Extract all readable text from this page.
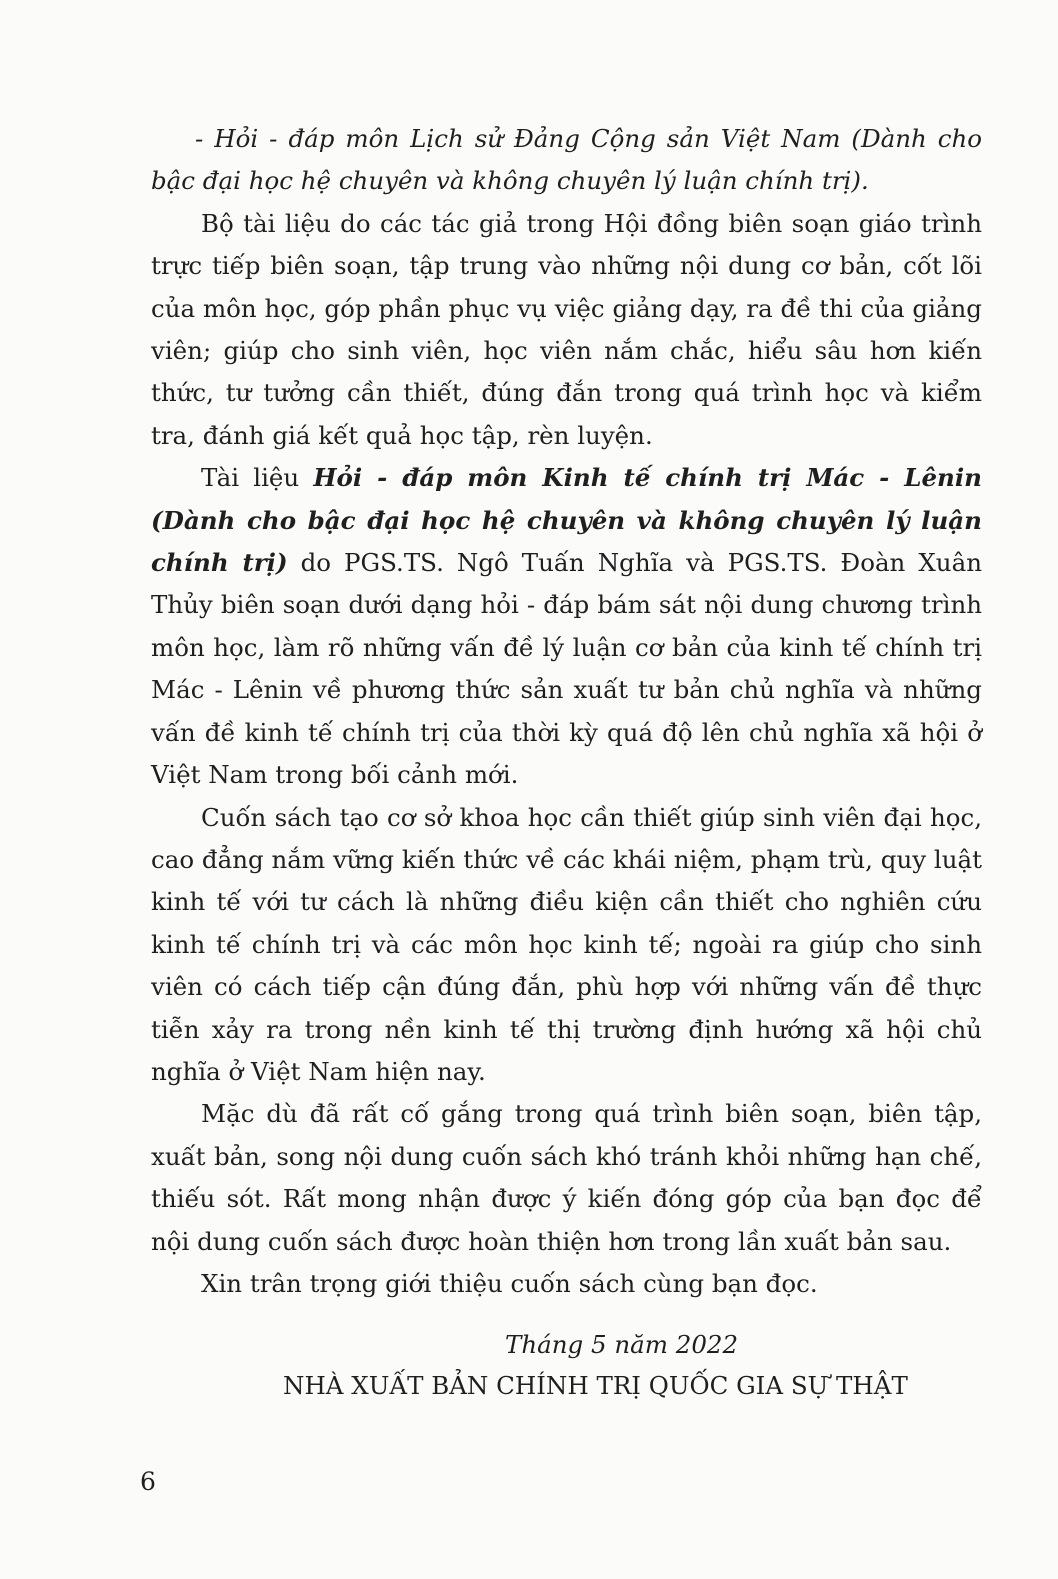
- Hỏi - đáp môn Lịch sử Đảng Cộng sản Việt Nam (Dành cho bậc đại học hệ chuyên và không chuyên lý luận chính trị).

Bộ tài liệu do các tác giả trong Hội đồng biên soạn giáo trình trực tiếp biên soạn, tập trung vào những nội dung cơ bản, cốt lõi của môn học, góp phần phục vụ việc giảng dạy, ra đề thi của giảng viên; giúp cho sinh viên, học viên nắm chắc, hiểu sâu hơn kiến thức, tư tưởng cần thiết, đúng đắn trong quá trình học và kiểm tra, đánh giá kết quả học tập, rèn luyện.

Tài liệu Hỏi - đáp môn Kinh tế chính trị Mác - Lênin (Dành cho bậc đại học hệ chuyên và không chuyên lý luận chính trị) do PGS.TS. Ngô Tuấn Nghĩa và PGS.TS. Đoàn Xuân Thủy biên soạn dưới dạng hỏi - đáp bám sát nội dung chương trình môn học, làm rõ những vấn đề lý luận cơ bản của kinh tế chính trị Mác - Lênin về phương thức sản xuất tư bản chủ nghĩa và những vấn đề kinh tế chính trị của thời kỳ quá độ lên chủ nghĩa xã hội ở Việt Nam trong bối cảnh mới.

Cuốn sách tạo cơ sở khoa học cần thiết giúp sinh viên đại học, cao đẳng nắm vững kiến thức về các khái niệm, phạm trù, quy luật kinh tế với tư cách là những điều kiện cần thiết cho nghiên cứu kinh tế chính trị và các môn học kinh tế; ngoài ra giúp cho sinh viên có cách tiếp cận đúng đắn, phù hợp với những vấn đề thực tiễn xảy ra trong nền kinh tế thị trường định hướng xã hội chủ nghĩa ở Việt Nam hiện nay.

Mặc dù đã rất cố gắng trong quá trình biên soạn, biên tập, xuất bản, song nội dung cuốn sách khó tránh khỏi những hạn chế, thiếu sót. Rất mong nhận được ý kiến đóng góp của bạn đọc để nội dung cuốn sách được hoàn thiện hơn trong lần xuất bản sau.

Xin trân trọng giới thiệu cuốn sách cùng bạn đọc.

Tháng 5 năm 2022
NHÀ XUẤT BẢN CHÍNH TRỊ QUỐC GIA SỰ THẬT
6
